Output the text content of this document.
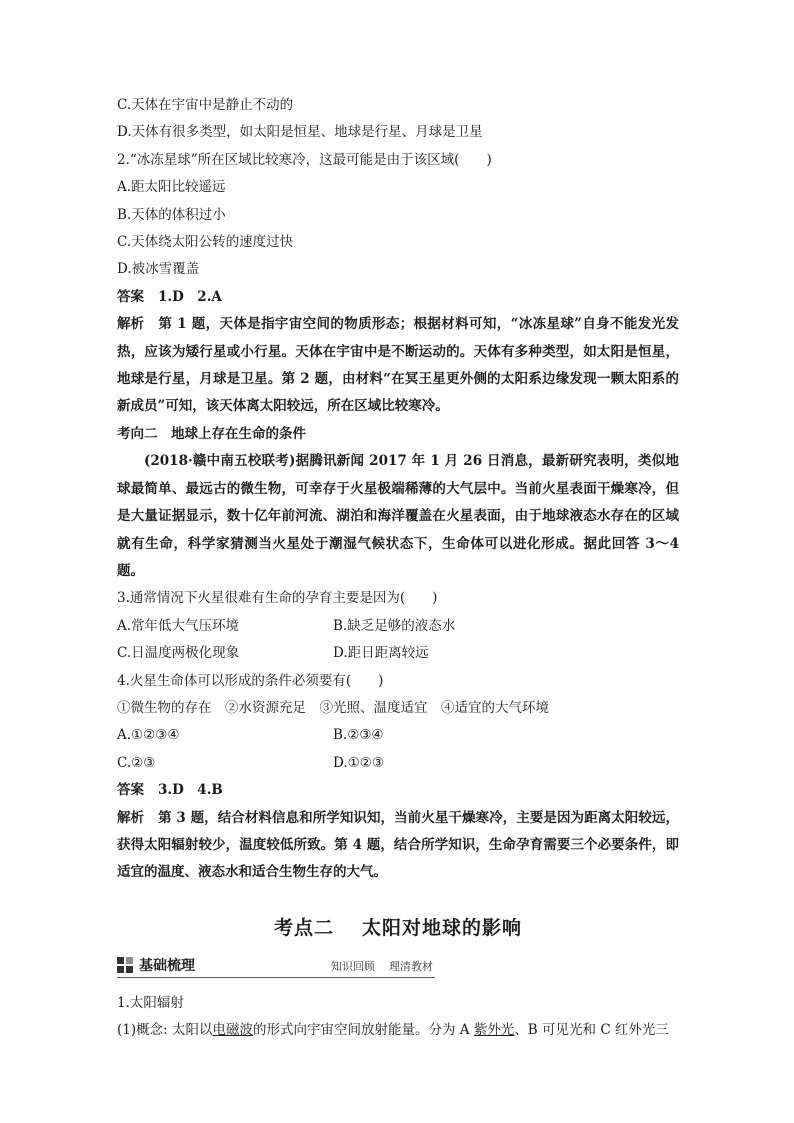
C.天体在宇宙中是静止不动的
D.天体有很多类型，如太阳是恒星、地球是行星、月球是卫星
2.“冰冻星球”所在区域比较寒冷，这最可能是由于该区域(　　)
A.距太阳比较遥远
B.天体的体积过小
C.天体绕太阳公转的速度过快
D.被冰雪覆盖
答案 1.D　2.A
解析 第 1 题，天体是指宇宙空间的物质形态；根据材料可知，“冰冻星球”自身不能发光发热，应该为矮行星或小行星。天体在宇宙中是不断运动的。天体有多种类型，如太阳是恒星，地球是行星，月球是卫星。第 2 题，由材料“在冥王星更外侧的太阳系边缘发现一颗太阳系的新成员”可知，该天体离太阳较远，所在区域比较寒冷。
考向二　地球上存在生命的条件
(2018·赣中南五校联考)据腾讯新闻 2017 年 1 月 26 日消息，最新研究表明，类似地球最简单、最远古的微生物，可幸存于火星极端稀薄的大气层中。当前火星表面干燥寒冷，但是大量证据显示，数十亿年前河流、湖泊和海洋覆盖在火星表面，由于地球液态水存在的区域就有生命，科学家猜测当火星处于潮湿气候状态下，生命体可以进化形成。据此回答 3～4 题。
3.通常情况下火星很难有生命的孕育主要是因为(　　)
A.常年低大气压环境	B.缺乏足够的液态水
C.日温度两极化现象	D.距日距离较远
4.火星生命体可以形成的条件必须要有(　　)
①微生物的存在　②水资源充足　③光照、温度适宜　④适宜的大气环境
A.①②③④	B.②③④
C.②③	D.①②③
答案 3.D　4.B
解析 第 3 题，结合材料信息和所学知识知，当前火星干燥寒冷，主要是因为距离太阳较远，获得太阳辐射较少，温度较低所致。第 4 题，结合所学知识，生命孕育需要三个必要条件，即适宜的温度、液态水和适合生物生存的大气。
考点二 太阳对地球的影响
基础梳理	知识回顾　 理清教材
1.太阳辐射
(1)概念: 太阳以电磁波的形式向宇宙空间放射能量。分为 A 紫外光、B 可见光和 C 红外光三
